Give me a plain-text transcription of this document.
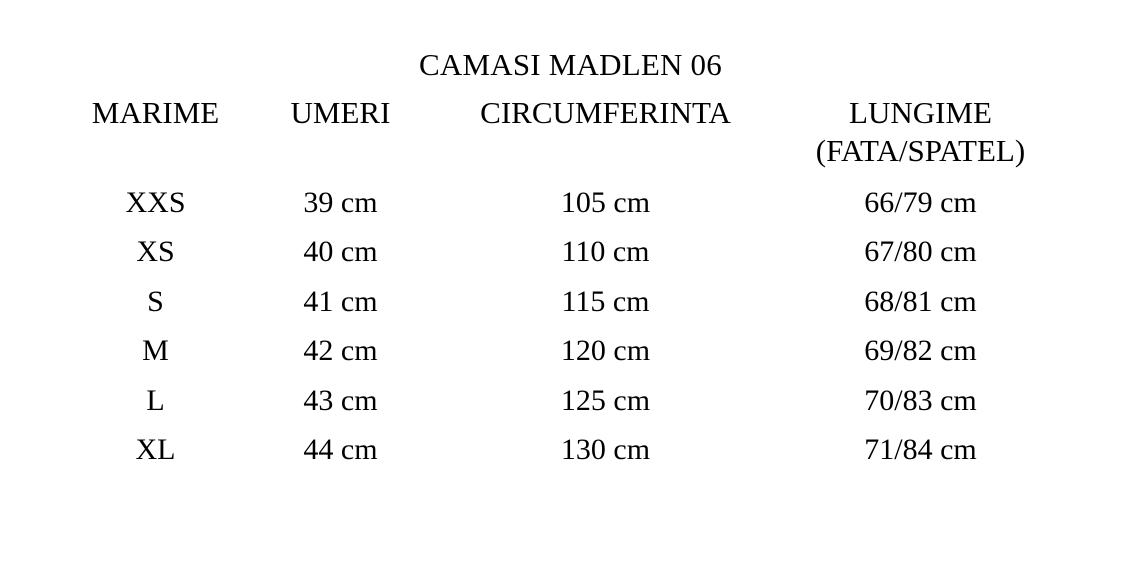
CAMASI MADLEN 06
MARIME	UMERI	CIRCUMFERINTA	LUNGIME
(FATA/SPATEL)

XXS	39 cm	105 cm	66/79 cm
XS	40 cm	110 cm	67/80 cm
S	41 cm	115 cm	68/81 cm
M	42 cm	120 cm	69/82 cm
L	43 cm	125 cm	70/83 cm
XL	44 cm	130 cm	71/84 cm
